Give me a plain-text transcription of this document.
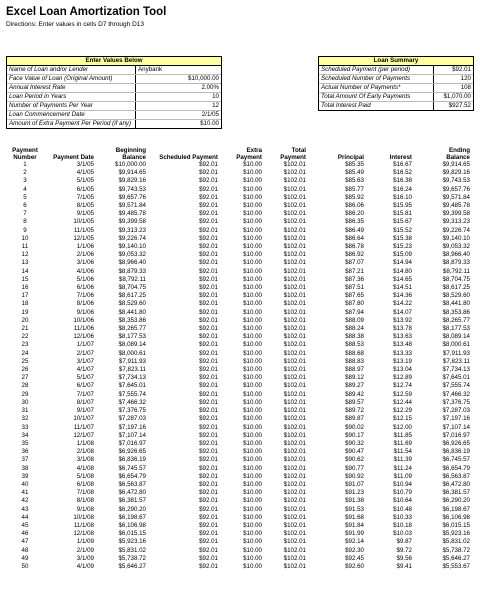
Excel Loan Amortization Tool
Directions: Enter values in cells D7 through D13
Enter Values Below
Name of Loan and/or Lender	Anybank
Face Value of Loan (Original Amount)	$10,000.00
Annual Interest Rate	2.00%
Loan Period in Years	10
Number of Payments Per Year	12
Loan Commencement Date	2/1/05
Amount of Extra Payment Per Period (if any)	$10.00
Loan Summary
Scheduled Payment (per period)	$92.01
Scheduled Number of Payments	120
Actual Number of Payments*	108
Total Amount Of Early Payments	$1,070.00
Total Interest Paid	$927.52
Payment
Number	Payment Date	Beginning
Balance	Scheduled Payment	Extra
Payment	Total
Payment	Principal	Interest	Ending
Balance
1	3/1/05	$10,000.00	$92.01	$10.00	$102.01	$85.35	$16.67	$9,914.65
2	4/1/05	$9,914.65	$92.01	$10.00	$102.01	$85.49	$16.52	$9,829.16
3	5/1/05	$9,829.16	$92.01	$10.00	$102.01	$85.63	$16.38	$9,743.53
4	6/1/05	$9,743.53	$92.01	$10.00	$102.01	$85.77	$16.24	$9,657.76
5	7/1/05	$9,657.76	$92.01	$10.00	$102.01	$85.92	$16.10	$9,571.84
6	8/1/05	$9,571.84	$92.01	$10.00	$102.01	$86.06	$15.95	$9,485.78
7	9/1/05	$9,485.78	$92.01	$10.00	$102.01	$86.20	$15.81	$9,399.58
8	10/1/05	$9,399.58	$92.01	$10.00	$102.01	$86.35	$15.67	$9,313.23
9	11/1/05	$9,313.23	$92.01	$10.00	$102.01	$86.49	$15.52	$9,226.74
10	12/1/05	$9,226.74	$92.01	$10.00	$102.01	$86.64	$15.38	$9,140.10
11	1/1/06	$9,140.10	$92.01	$10.00	$102.01	$86.78	$15.23	$9,053.32
12	2/1/06	$9,053.32	$92.01	$10.00	$102.01	$86.92	$15.09	$8,966.40
13	3/1/06	$8,966.40	$92.01	$10.00	$102.01	$87.07	$14.94	$8,879.33
14	4/1/06	$8,879.33	$92.01	$10.00	$102.01	$87.21	$14.80	$8,792.11
15	5/1/06	$8,792.11	$92.01	$10.00	$102.01	$87.36	$14.65	$8,704.75
16	6/1/06	$8,704.75	$92.01	$10.00	$102.01	$87.51	$14.51	$8,617.25
17	7/1/06	$8,617.25	$92.01	$10.00	$102.01	$87.65	$14.36	$8,529.60
18	8/1/06	$8,529.60	$92.01	$10.00	$102.01	$87.80	$14.22	$8,441.80
19	9/1/06	$8,441.80	$92.01	$10.00	$102.01	$87.94	$14.07	$8,353.86
20	10/1/06	$8,353.86	$92.01	$10.00	$102.01	$88.09	$13.92	$8,265.77
21	11/1/06	$8,265.77	$92.01	$10.00	$102.01	$88.24	$13.78	$8,177.53
22	12/1/06	$8,177.53	$92.01	$10.00	$102.01	$88.38	$13.63	$8,089.14
23	1/1/07	$8,089.14	$92.01	$10.00	$102.01	$88.53	$13.48	$8,000.61
24	2/1/07	$8,000.61	$92.01	$10.00	$102.01	$88.68	$13.33	$7,911.93
25	3/1/07	$7,911.93	$92.01	$10.00	$102.01	$88.83	$13.19	$7,823.11
26	4/1/07	$7,823.11	$92.01	$10.00	$102.01	$88.97	$13.04	$7,734.13
27	5/1/07	$7,734.13	$92.01	$10.00	$102.01	$89.12	$12.89	$7,645.01
28	6/1/07	$7,645.01	$92.01	$10.00	$102.01	$89.27	$12.74	$7,555.74
29	7/1/07	$7,555.74	$92.01	$10.00	$102.01	$89.42	$12.59	$7,466.32
30	8/1/07	$7,466.32	$92.01	$10.00	$102.01	$89.57	$12.44	$7,376.75
31	9/1/07	$7,376.75	$92.01	$10.00	$102.01	$89.72	$12.29	$7,287.03
32	10/1/07	$7,287.03	$92.01	$10.00	$102.01	$89.87	$12.15	$7,197.16
33	11/1/07	$7,197.16	$92.01	$10.00	$102.01	$90.02	$12.00	$7,107.14
34	12/1/07	$7,107.14	$92.01	$10.00	$102.01	$90.17	$11.85	$7,016.97
35	1/1/08	$7,016.97	$92.01	$10.00	$102.01	$90.32	$11.69	$6,926.65
36	2/1/08	$6,926.65	$92.01	$10.00	$102.01	$90.47	$11.54	$6,836.19
37	3/1/08	$6,836.19	$92.01	$10.00	$102.01	$90.62	$11.39	$6,745.57
38	4/1/08	$6,745.57	$92.01	$10.00	$102.01	$90.77	$11.24	$6,654.79
39	5/1/08	$6,654.79	$92.01	$10.00	$102.01	$90.92	$11.09	$6,563.87
40	6/1/08	$6,563.87	$92.01	$10.00	$102.01	$91.07	$10.94	$6,472.80
41	7/1/08	$6,472.80	$92.01	$10.00	$102.01	$91.23	$10.79	$6,381.57
42	8/1/08	$6,381.57	$92.01	$10.00	$102.01	$91.38	$10.64	$6,290.20
43	9/1/08	$6,290.20	$92.01	$10.00	$102.01	$91.53	$10.48	$6,198.67
44	10/1/08	$6,198.67	$92.01	$10.00	$102.01	$91.68	$10.33	$6,106.98
45	11/1/08	$6,106.98	$92.01	$10.00	$102.01	$91.84	$10.18	$6,015.15
46	12/1/08	$6,015.15	$92.01	$10.00	$102.01	$91.99	$10.03	$5,923.16
47	1/1/09	$5,923.16	$92.01	$10.00	$102.01	$92.14	$9.87	$5,831.02
48	2/1/09	$5,831.02	$92.01	$10.00	$102.01	$92.30	$9.72	$5,738.72
49	3/1/09	$5,738.72	$92.01	$10.00	$102.01	$92.45	$9.56	$5,646.27
50	4/1/09	$5,646.27	$92.01	$10.00	$102.01	$92.60	$9.41	$5,553.67
